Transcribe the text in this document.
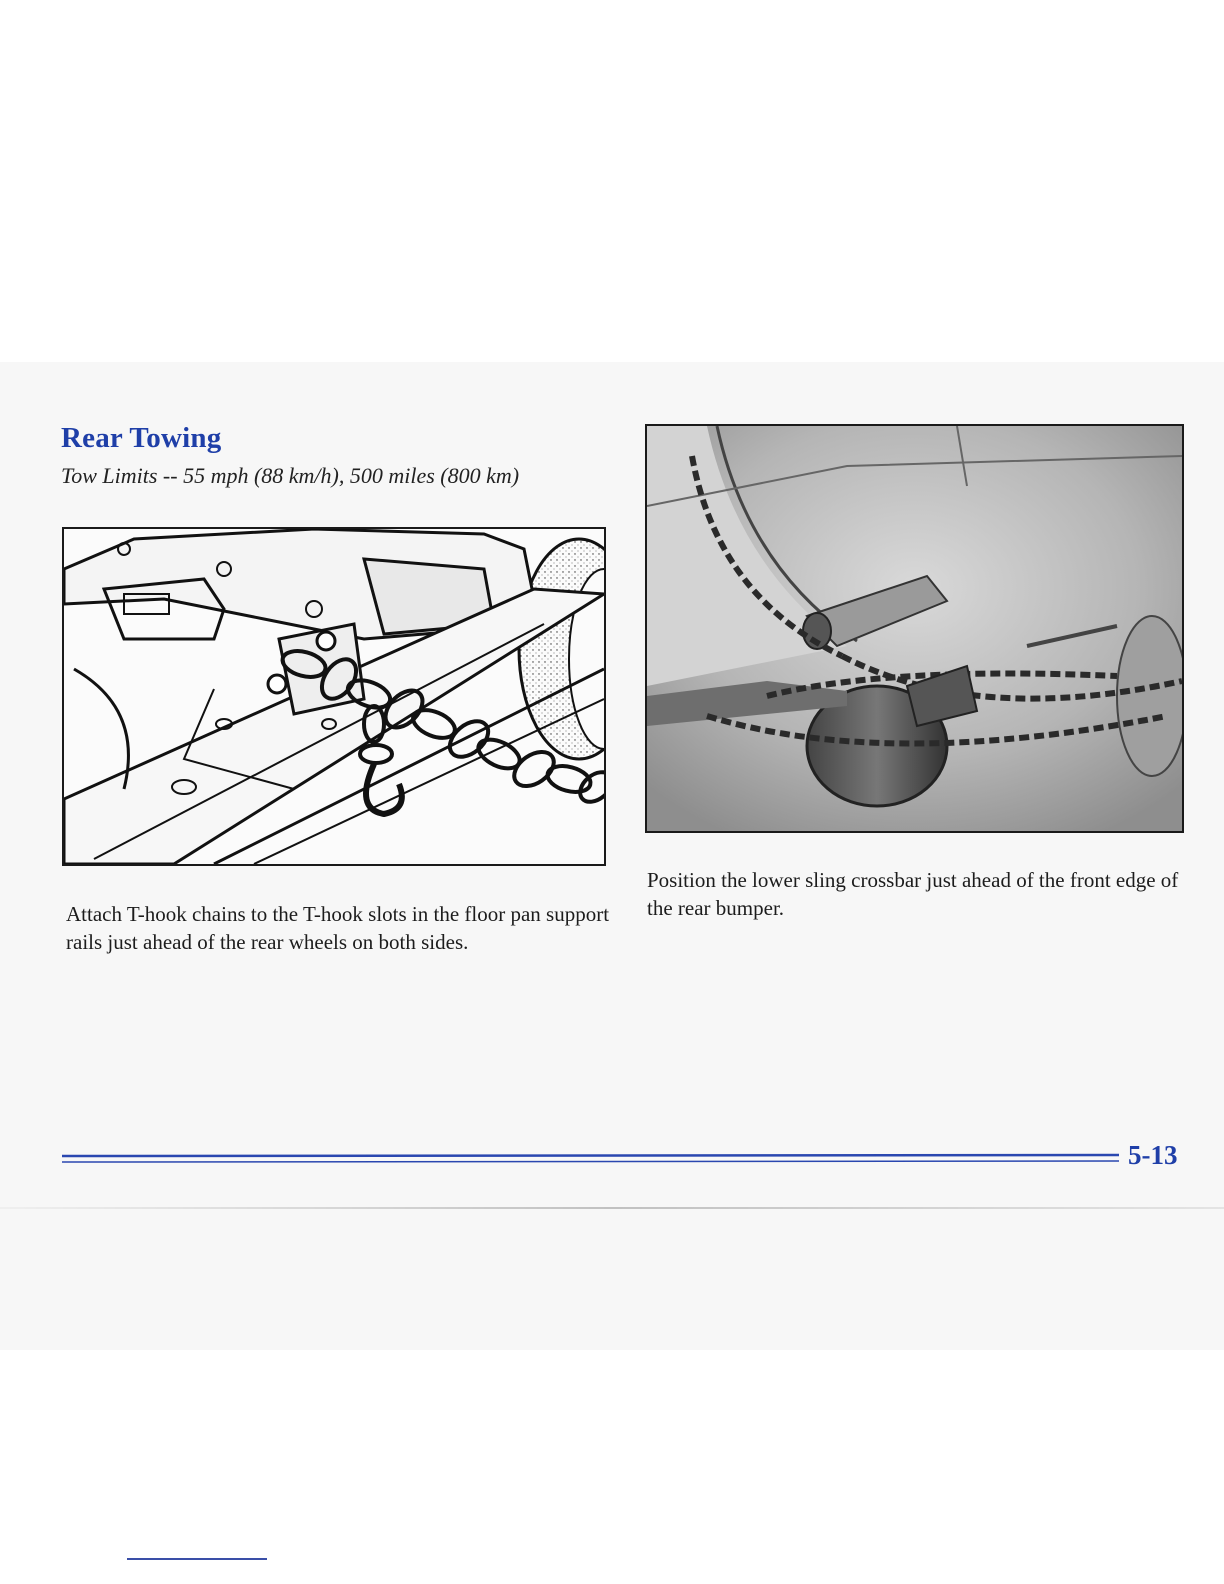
Rear Towing
Tow Limits -- 55 mph (88 km/h), 500 miles (800 km)
Attach T-hook chains to the T-hook slots in the floor pan support rails just ahead of the rear wheels on both sides.
Position the lower sling crossbar just ahead of the front edge of the rear bumper.
5-13
